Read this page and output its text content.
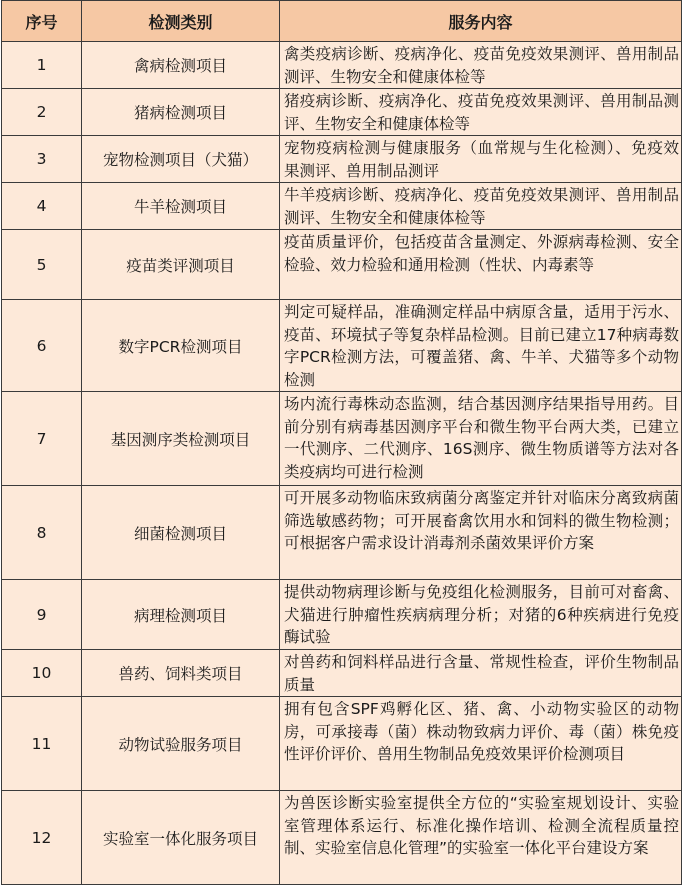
序号	检测类别	服务内容
1	禽病检测项目	禽类疫病诊断、疫病净化、疫苗免疫效果测评、兽用制品测评、生物安全和健康体检等
2	猪病检测项目	猪疫病诊断、疫病净化、疫苗免疫效果测评、兽用制品测评、生物安全和健康体检等
3	宠物检测项目（犬猫）	宠物疫病检测与健康服务（血常规与生化检测）、免疫效果测评、兽用制品测评
4	牛羊检测项目	牛羊疫病诊断、疫病净化、疫苗免疫效果测评、兽用制品测评、生物安全和健康体检等
5	疫苗类评测项目	疫苗质量评价，包括疫苗含量测定、外源病毒检测、安全检验、效力检验和通用检测（性状、内毒素等
6	数字PCR检测项目	判定可疑样品，准确测定样品中病原含量，适用于污水、疫苗、环境拭子等复杂样品检测。目前已建立17种病毒数字PCR检测方法，可覆盖猪、禽、牛羊、犬猫等多个动物检测
7	基因测序类检测项目	场内流行毒株动态监测，结合基因测序结果指导用药。目前分别有病毒基因测序平台和微生物平台两大类，已建立一代测序、二代测序、16S测序、微生物质谱等方法对各类疫病均可进行检测
8	细菌检测项目	可开展多动物临床致病菌分离鉴定并针对临床分离致病菌筛选敏感药物；可开展畜禽饮用水和饲料的微生物检测；可根据客户需求设计消毒剂杀菌效果评价方案
9	病理检测项目	提供动物病理诊断与免疫组化检测服务，目前可对畜禽、犬猫进行肿瘤性疾病病理分析；对猪的6种疾病进行免疫酶试验
10	兽药、饲料类项目	对兽药和饲料样品进行含量、常规性检查，评价生物制品质量
11	动物试验服务项目	拥有包含SPF鸡孵化区、猪、禽、小动物实验区的动物房，可承接毒（菌）株动物致病力评价、毒（菌）株免疫性评价评价、兽用生物制品免疫效果评价检测项目
12	实验室一体化服务项目	为兽医诊断实验室提供全方位的“实验室规划设计、实验室管理体系运行、标准化操作培训、检测全流程质量控制、实验室信息化管理”的实验室一体化平台建设方案
